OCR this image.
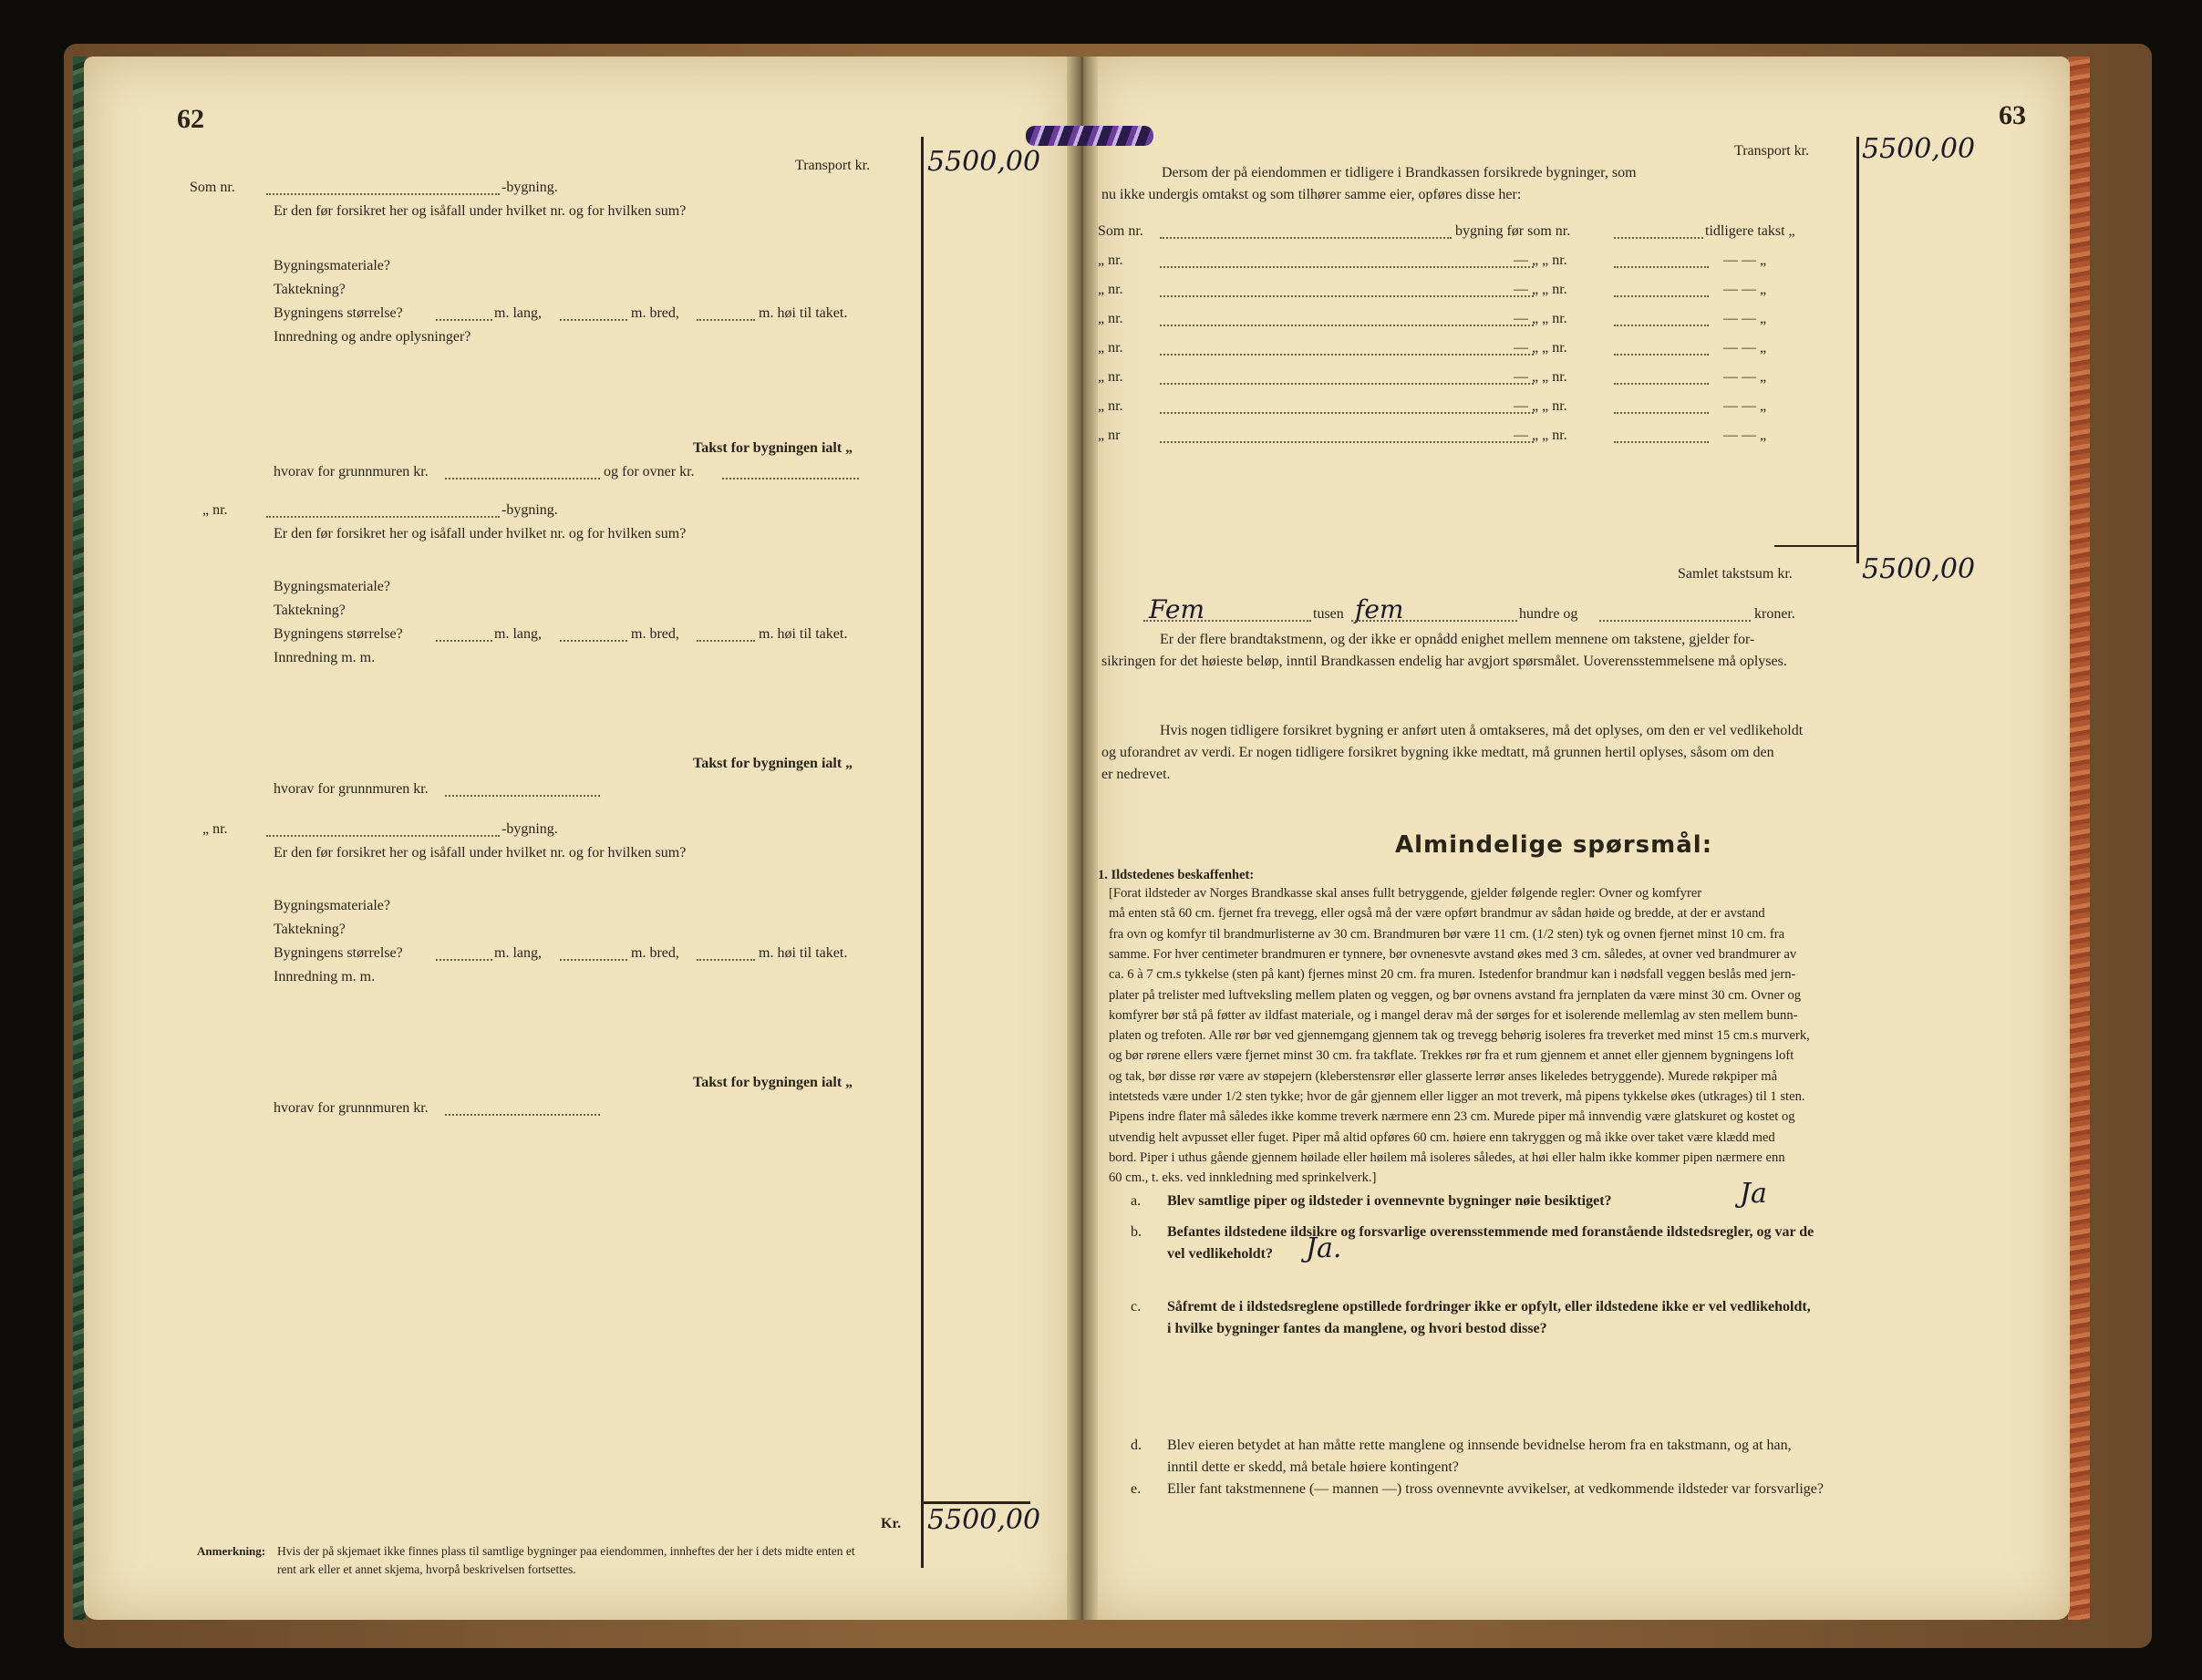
62
Transport kr. 5500,00
Som nr.	-bygning.
Er den før forsikret her og isåfall under hvilket nr. og for hvilken sum?
Bygningsmateriale?
Taktekning?
Bygningens størrelse?	m. lang,	m. bred,	m. høi til taket.
Innredning og andre oplysninger?
Takst for bygningen ialt „
hvorav for grunnmuren kr.	og for ovner kr.
„ nr.	-bygning.
Er den før forsikret her og isåfall under hvilket nr. og for hvilken sum?
Bygningsmateriale?
Taktekning?
Bygningens størrelse?	m. lang,	m. bred,	m. høi til taket.
Innredning m. m.
Takst for bygningen ialt „
hvorav for grunnmuren kr.
„ nr.	-bygning.
Er den før forsikret her og isåfall under hvilket nr. og for hvilken sum?
Bygningsmateriale?
Taktekning?
Bygningens størrelse?	m. lang,	m. bred,	m. høi til taket.
Innredning m. m.
Takst for bygningen ialt „
hvorav for grunnmuren kr.
Kr. 5500,00
Anmerkning: Hvis der på skjemaet ikke finnes plass til samtlige bygninger paa eiendommen, innheftes der her i dets midte enten et
rent ark eller et annet skjema, hvorpå beskrivelsen fortsettes.
63
Transport kr. 5500,00
Dersom der på eiendommen er tidligere i Brandkassen forsikrede bygninger, som
nu ikke undergis omtakst og som tilhører samme eier, opføres disse her:
Som nr.	bygning før som nr.	tidligere takst „
„ nr.	— „ „ nr.	— — „
„ nr.	— „ „ nr.	— — „
„ nr.	— „ „ nr.	— — „
„ nr.	— „ „ nr.	— — „
„ nr.	— „ „ nr.	— — „
„ nr.	— „ „ nr.	— — „
„ nr	— „ „ nr.	— — „
Samlet takstsum kr.	5500,00
Fem	tusen fem	hundre og	kroner.
Er der flere brandtakstmenn, og der ikke er opnådd enighet mellem mennene om takstene, gjelder for-
sikringen for det høieste beløp, inntil Brandkassen endelig har avgjort spørsmålet. Uoverensstemmelsene må oplyses.
Hvis nogen tidligere forsikret bygning er anført uten å omtakseres, må det oplyses, om den er vel vedlikeholdt
og uforandret av verdi. Er nogen tidligere forsikret bygning ikke medtatt, må grunnen hertil oplyses, såsom om den
er nedrevet.
Almindelige spørsmål:
1. Ildstedenes beskaffenhet:
[Forat ildsteder av Norges Brandkasse skal anses fullt betryggende, gjelder følgende regler: Ovner og komfyrer
må enten stå 60 cm. fjernet fra trevegg, eller også må der være opført brandmur av sådan høide og bredde, at der er avstand
fra ovn og komfyr til brandmurlisterne av 30 cm. Brandmuren bør være 11 cm. (1/2 sten) tyk og ovnen fjernet minst 10 cm. fra
samme. For hver centimeter brandmuren er tynnere, bør ovnenesvte avstand økes med 3 cm. således, at ovner ved brandmurer av
ca. 6 à 7 cm.s tykkelse (sten på kant) fjernes minst 20 cm. fra muren. Istedenfor brandmur kan i nødsfall veggen beslås med jern-
plater på trelister med luftveksling mellem platen og veggen, og bør ovnens avstand fra jernplaten da være minst 30 cm. Ovner og
komfyrer bør stå på føtter av ildfast materiale, og i mangel derav må der sørges for et isolerende mellemlag av sten mellem bunn-
platen og trefoten. Alle rør bør ved gjennemgang gjennem tak og trevegg behørig isoleres fra treverket med minst 15 cm.s murverk,
og bør rørene ellers være fjernet minst 30 cm. fra takflate. Trekkes rør fra et rum gjennem et annet eller gjennem bygningens loft
og tak, bør disse rør være av støpejern (kleberstensrør eller glasserte lerrør anses likeledes betryggende). Murede røkpiper må
intetsteds være under 1/2 sten tykke; hvor de går gjennem eller ligger an mot treverk, må pipens tykkelse økes (utkrages) til 1 sten.
Pipens indre flater må således ikke komme treverk nærmere enn 23 cm. Murede piper må innvendig være glatskuret og kostet og
utvendig helt avpusset eller fuget. Piper må altid opføres 60 cm. høiere enn takryggen og må ikke over taket være klædd med
bord. Piper i uthus gående gjennem høilade eller høilem må isoleres således, at høi eller halm ikke kommer pipen nærmere enn
60 cm., t. eks. ved innkledning med sprinkelverk.]
a. Blev samtlige piper og ildsteder i ovennevnte bygninger nøie besiktiget?	Ja
b. Befantes ildstedene ildsikre og forsvarlige overensstemmende med foranstående ildstedsregler, og var de
vel vedlikeholdt? Ja.
c. Såfremt de i ildstedsreglene opstillede fordringer ikke er opfylt, eller ildstedene ikke er vel vedlikeholdt,
i hvilke bygninger fantes da manglene, og hvori bestod disse?
d. Blev eieren betydet at han måtte rette manglene og innsende bevidnelse herom fra en takstmann, og at han,
inntil dette er skedd, må betale høiere kontingent?
e. Eller fant takstmennene (— mannen —) tross ovennevnte avvikelser, at vedkommende ildsteder var forsvarlige?
